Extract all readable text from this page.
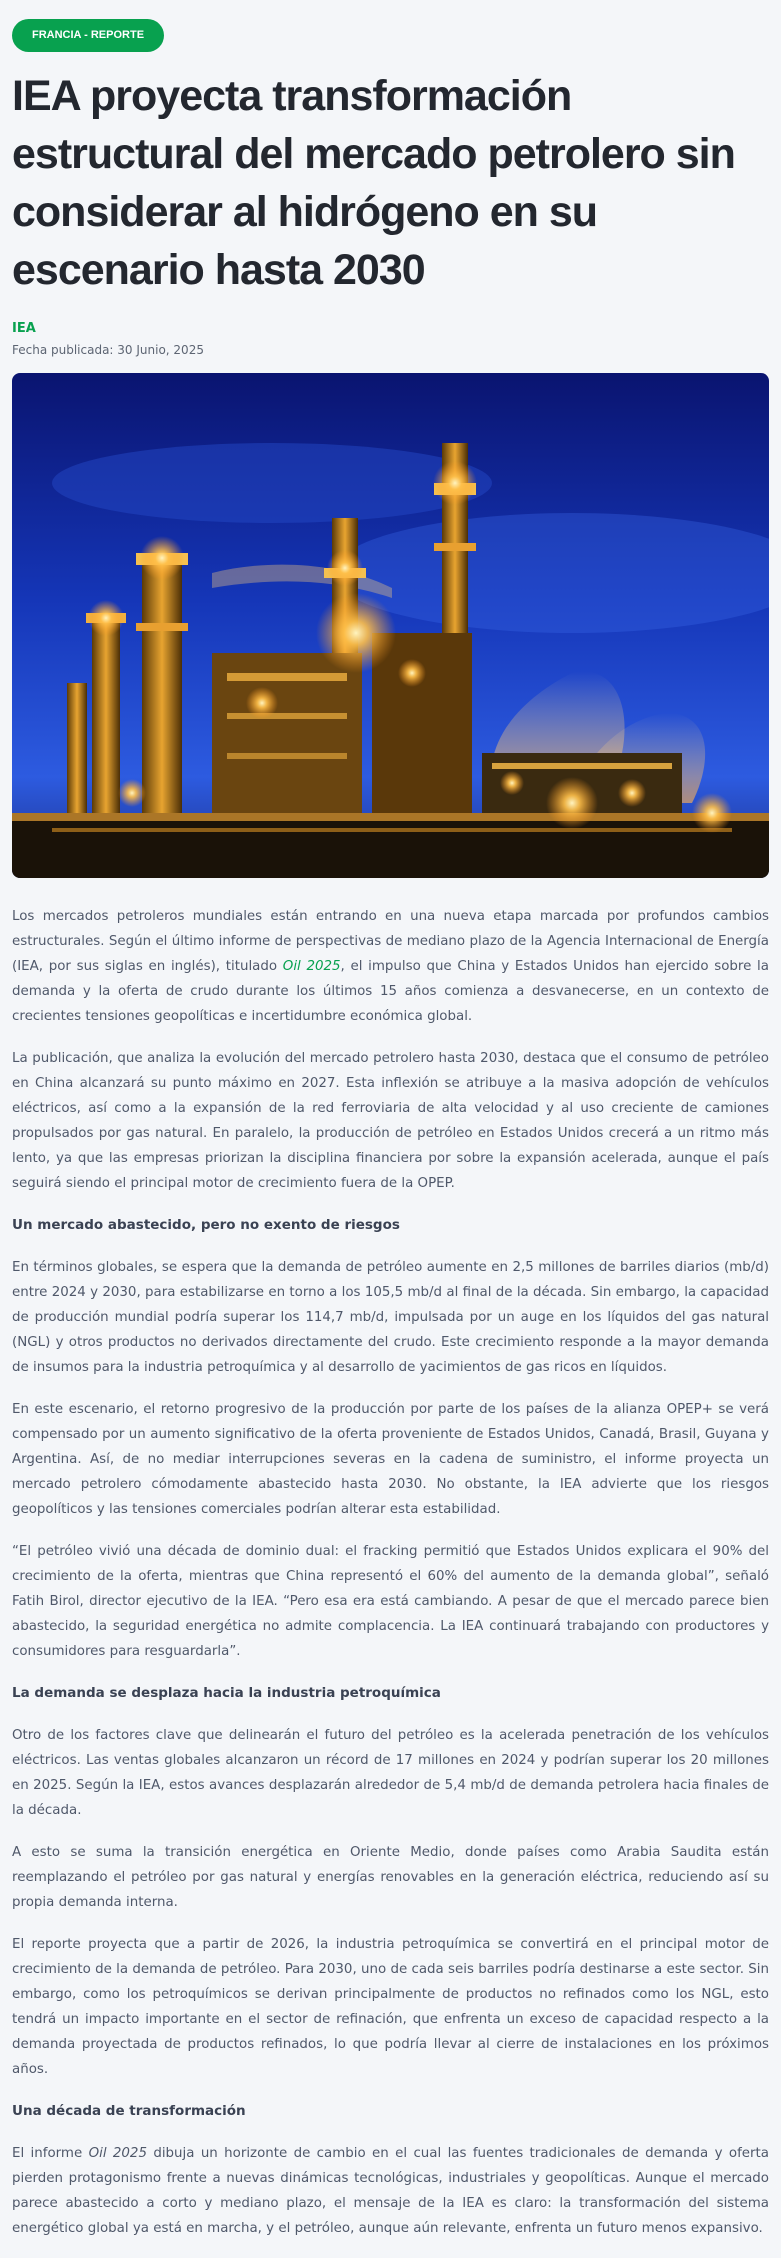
FRANCIA - REPORTE
IEA proyecta transformación estructural del mercado petrolero sin considerar al hidrógeno en su escenario hasta 2030
IEA
Fecha publicada: 30 Junio, 2025

Los mercados petroleros mundiales están entrando en una nueva etapa marcada por profundos cambios estructurales. Según el último informe de perspectivas de mediano plazo de la Agencia Internacional de Energía (IEA, por sus siglas en inglés), titulado Oil 2025, el impulso que China y Estados Unidos han ejercido sobre la demanda y la oferta de crudo durante los últimos 15 años comienza a desvanecerse, en un contexto de crecientes tensiones geopolíticas e incertidumbre económica global.

La publicación, que analiza la evolución del mercado petrolero hasta 2030, destaca que el consumo de petróleo en China alcanzará su punto máximo en 2027. Esta inflexión se atribuye a la masiva adopción de vehículos eléctricos, así como a la expansión de la red ferroviaria de alta velocidad y al uso creciente de camiones propulsados por gas natural. En paralelo, la producción de petróleo en Estados Unidos crecerá a un ritmo más lento, ya que las empresas priorizan la disciplina financiera por sobre la expansión acelerada, aunque el país seguirá siendo el principal motor de crecimiento fuera de la OPEP.

Un mercado abastecido, pero no exento de riesgos

En términos globales, se espera que la demanda de petróleo aumente en 2,5 millones de barriles diarios (mb/d) entre 2024 y 2030, para estabilizarse en torno a los 105,5 mb/d al final de la década. Sin embargo, la capacidad de producción mundial podría superar los 114,7 mb/d, impulsada por un auge en los líquidos del gas natural (NGL) y otros productos no derivados directamente del crudo. Este crecimiento responde a la mayor demanda de insumos para la industria petroquímica y al desarrollo de yacimientos de gas ricos en líquidos.

En este escenario, el retorno progresivo de la producción por parte de los países de la alianza OPEP+ se verá compensado por un aumento significativo de la oferta proveniente de Estados Unidos, Canadá, Brasil, Guyana y Argentina. Así, de no mediar interrupciones severas en la cadena de suministro, el informe proyecta un mercado petrolero cómodamente abastecido hasta 2030. No obstante, la IEA advierte que los riesgos geopolíticos y las tensiones comerciales podrían alterar esta estabilidad.

“El petróleo vivió una década de dominio dual: el fracking permitió que Estados Unidos explicara el 90% del crecimiento de la oferta, mientras que China representó el 60% del aumento de la demanda global”, señaló Fatih Birol, director ejecutivo de la IEA. “Pero esa era está cambiando. A pesar de que el mercado parece bien abastecido, la seguridad energética no admite complacencia. La IEA continuará trabajando con productores y consumidores para resguardarla”.

La demanda se desplaza hacia la industria petroquímica

Otro de los factores clave que delinearán el futuro del petróleo es la acelerada penetración de los vehículos eléctricos. Las ventas globales alcanzaron un récord de 17 millones en 2024 y podrían superar los 20 millones en 2025. Según la IEA, estos avances desplazarán alrededor de 5,4 mb/d de demanda petrolera hacia finales de la década.

A esto se suma la transición energética en Oriente Medio, donde países como Arabia Saudita están reemplazando el petróleo por gas natural y energías renovables en la generación eléctrica, reduciendo así su propia demanda interna.

El reporte proyecta que a partir de 2026, la industria petroquímica se convertirá en el principal motor de crecimiento de la demanda de petróleo. Para 2030, uno de cada seis barriles podría destinarse a este sector. Sin embargo, como los petroquímicos se derivan principalmente de productos no refinados como los NGL, esto tendrá un impacto importante en el sector de refinación, que enfrenta un exceso de capacidad respecto a la demanda proyectada de productos refinados, lo que podría llevar al cierre de instalaciones en los próximos años.

Una década de transformación

El informe Oil 2025 dibuja un horizonte de cambio en el cual las fuentes tradicionales de demanda y oferta pierden protagonismo frente a nuevas dinámicas tecnológicas, industriales y geopolíticas. Aunque el mercado parece abastecido a corto y mediano plazo, el mensaje de la IEA es claro: la transformación del sistema energético global ya está en marcha, y el petróleo, aunque aún relevante, enfrenta un futuro menos expansivo.
